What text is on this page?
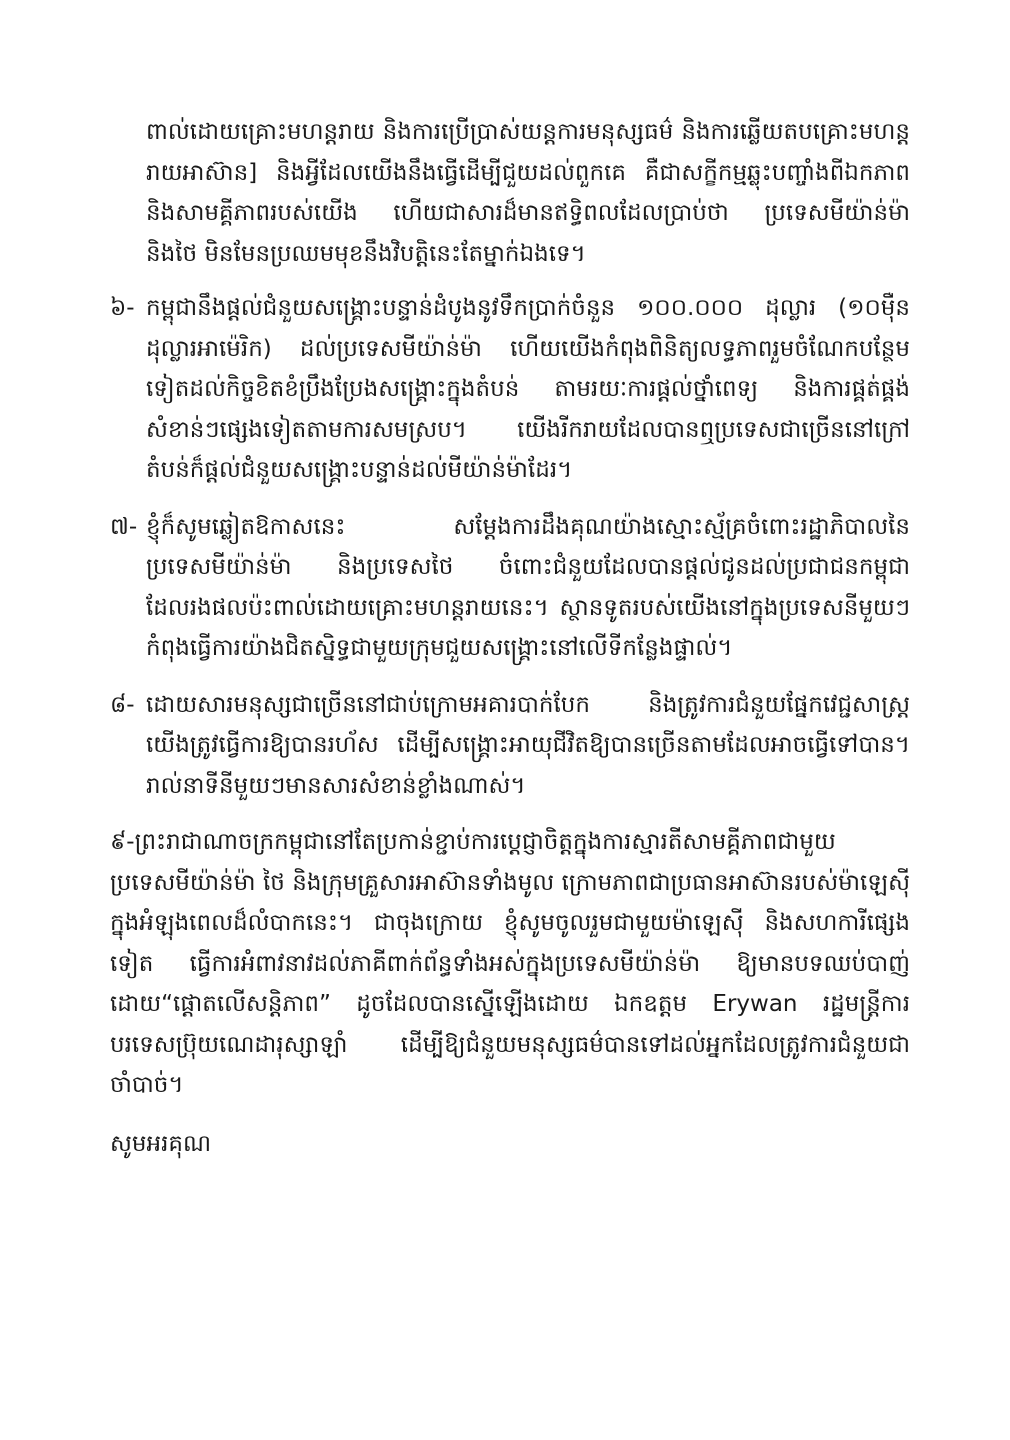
ពាល់ដោយគ្រោះមហន្តរាយ និងការប្រើប្រាស់យន្តការមនុស្សធម៌ និងការឆ្លើយតបគ្រោះមហន្តរាយអាស៊ាន] និងអ្វីដែលយើងនឹងធ្វើដើម្បីជួយដល់ពួកគេ គឺជាសក្ខីកម្មឆ្លុះបញ្ចាំងពីឯកភាព និងសាមគ្គីភាពរបស់យើង ហើយជាសារដ៏មានឥទ្ធិពលដែលប្រាប់ថា ប្រទេសមីយ៉ាន់ម៉ា និងថៃ មិនមែនប្រឈមមុខនឹងវិបត្តិនេះតែម្នាក់ឯងទេ។

៦- កម្ពុជានឹងផ្តល់ជំនួយសង្គ្រោះបន្ទាន់ដំបូងនូវទឹកប្រាក់ចំនួន ១០០.០០០ ដុល្លារ (១០ម៉ឺនដុល្លារអាម៉េរិក) ដល់ប្រទេសមីយ៉ាន់ម៉ា ហើយយើងកំពុងពិនិត្យលទ្ធភាពរួមចំណែកបន្ថែមទៀតដល់កិច្ចខិតខំប្រឹងប្រែងសង្គ្រោះក្នុងតំបន់ តាមរយៈការផ្តល់ថ្នាំពេទ្យ និងការផ្គត់ផ្គង់សំខាន់ៗផ្សេងទៀតតាមការសមស្រប។ យើងរីករាយដែលបានឮប្រទេសជាច្រើននៅក្រៅតំបន់ក៏ផ្តល់ជំនួយសង្គ្រោះបន្ទាន់ដល់មីយ៉ាន់ម៉ាដែរ។
៧- ខ្ញុំក៏សូមឆ្លៀតឱកាសនេះ សម្តែងការដឹងគុណយ៉ាងស្មោះស្ម័គ្រចំពោះរដ្ឋាភិបាលនៃប្រទេសមីយ៉ាន់ម៉ា និងប្រទេសថៃ ចំពោះជំនួយដែលបានផ្តល់ជូនដល់ប្រជាជនកម្ពុជា ដែលរងផលប៉ះពាល់ដោយគ្រោះមហន្តរាយនេះ។ ស្ថានទូតរបស់យើងនៅក្នុងប្រទេសនីមួយៗ កំពុងធ្វើការយ៉ាងជិតស្និទ្ធជាមួយក្រុមជួយសង្គ្រោះនៅលើទីកន្លែងផ្ទាល់។
៨- ដោយសារមនុស្សជាច្រើននៅជាប់ក្រោមអគារបាក់បែក និងត្រូវការជំនួយផ្នែកវេជ្ជសាស្ត្រ យើងត្រូវធ្វើការឱ្យបានរហ័ស ដើម្បីសង្គ្រោះអាយុជីវិតឱ្យបានច្រើនតាមដែលអាចធ្វើទៅបាន។ រាល់នាទីនីមួយៗមានសារសំខាន់ខ្លាំងណាស់។

៩-ព្រះរាជាណាចក្រកម្ពុជានៅតែប្រកាន់ខ្ជាប់ការប្តេជ្ញាចិត្តក្នុងការស្មារតីសាមគ្គីភាពជាមួយប្រទេសមីយ៉ាន់ម៉ា ថៃ និងក្រុមគ្រួសារអាស៊ានទាំងមូល ក្រោមភាពជាប្រធានអាស៊ានរបស់ម៉ាឡេស៊ី ក្នុងអំឡុងពេលដ៏លំបាកនេះ។ ជាចុងក្រោយ ខ្ញុំសូមចូលរួមជាមួយម៉ាឡេស៊ី និងសហការីផ្សេងទៀត ធ្វើការអំពាវនាវដល់ភាគីពាក់ព័ន្ធទាំងអស់ក្នុងប្រទេសមីយ៉ាន់ម៉ា ឱ្យមានបទឈប់បាញ់ ដោយ“ផ្តោតលើសន្តិភាព” ដូចដែលបានស្នើឡើងដោយ ឯកឧត្តម Erywan រដ្ឋមន្ត្រីការបរទេសប្រ៊ុយណេដារុស្សាឡាំ ដើម្បីឱ្យជំនួយមនុស្សធម៌បានទៅដល់អ្នកដែលត្រូវការជំនួយជាចាំបាច់។

សូមអរគុណ
